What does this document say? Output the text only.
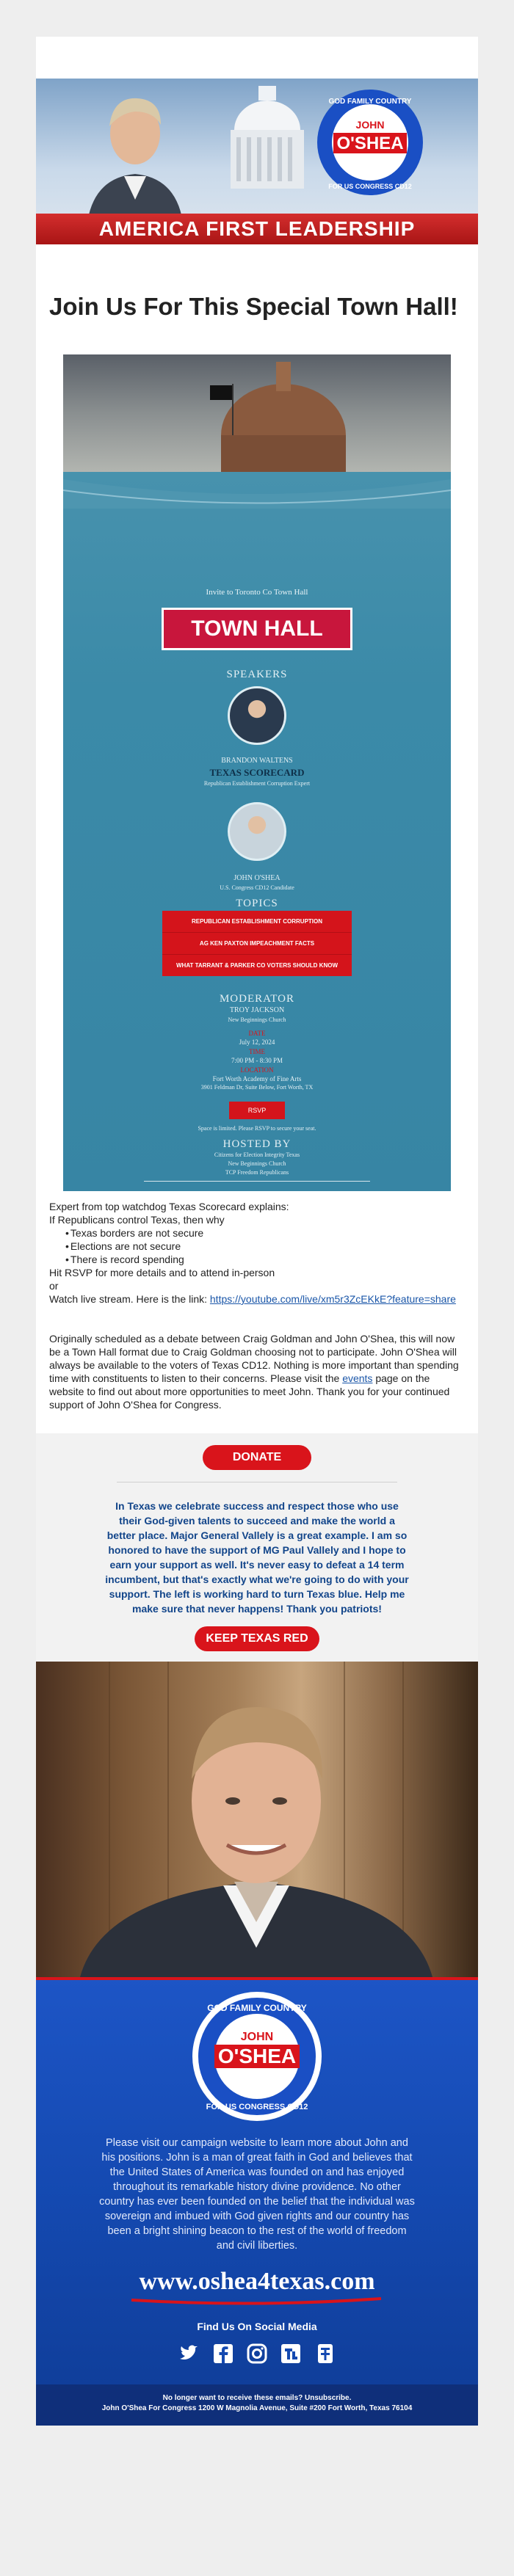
GOD FAMILY COUNTRY
JOHN
O'SHEA
FOR US CONGRESS CD12
AMERICA FIRST LEADERSHIP
Join Us For This Special Town Hall!
Invite to Toronto Co Town Hall
TOWN HALL
SPEAKERS
BRANDON WALTENS
TEXAS SCORECARD
Republican Establishment Corruption Expert
JOHN O'SHEA
U.S. Congress CD12 Candidate
TOPICS
REPUBLICAN ESTABLISHMENT CORRUPTION
AG KEN PAXTON IMPEACHMENT FACTS
WHAT TARRANT & PARKER CO VOTERS SHOULD KNOW
MODERATOR
TROY JACKSON
New Beginnings Church
DATE
July 12, 2024
TIME
7:00 PM - 8:30 PM
LOCATION
Fort Worth Academy of Fine Arts
3901 Feldman Dr, Suite Below, Fort Worth, TX
RSVP
Space is limited. Please RSVP to secure your seat.
HOSTED BY
Citizens for Election Integrity Texas
New Beginnings Church
TCP Freedom Republicans
Expert from top watchdog Texas Scorecard explains:
If Republicans control Texas, then why
• Texas borders are not secure
• Elections are not secure
• There is record spending
Hit RSVP for more details and to attend in-person
or
Watch live stream. Here is the link: https://youtube.com/live/xm5r3ZcEKkE?feature=share
Originally scheduled as a debate between Craig Goldman and John O'Shea, this will now be a Town Hall format due to Craig Goldman choosing not to participate. John O'Shea will always be available to the voters of Texas CD12. Nothing is more important than spending time with constituents to listen to their concerns. Please visit the events page on the website to find out about more opportunities to meet John. Thank you for your continued support of John O'Shea for Congress.
DONATE
In Texas we celebrate success and respect those who use their God-given talents to succeed and make the world a better place. Major General Vallely is a great example. I am so honored to have the support of MG Paul Vallely and I hope to earn your support as well. It's never easy to defeat a 14 term incumbent, but that's exactly what we're going to do with your support. The left is working hard to turn Texas blue. Help me make sure that never happens! Thank you patriots!
KEEP TEXAS RED
GOD FAMILY COUNTRY
JOHN
O'SHEA
FOR US CONGRESS CD12
Please visit our campaign website to learn more about John and his positions. John is a man of great faith in God and believes that the United States of America was founded on and has enjoyed throughout its remarkable history divine providence. No other country has ever been founded on the belief that the individual was sovereign and imbued with God given rights and our country has been a bright shining beacon to the rest of the world of freedom and civil liberties.
www.oshea4texas.com
Find Us On Social Media

No longer want to receive these emails? Unsubscribe.
John O'Shea For Congress 1200 W Magnolia Avenue, Suite #200 Fort Worth, Texas 76104
